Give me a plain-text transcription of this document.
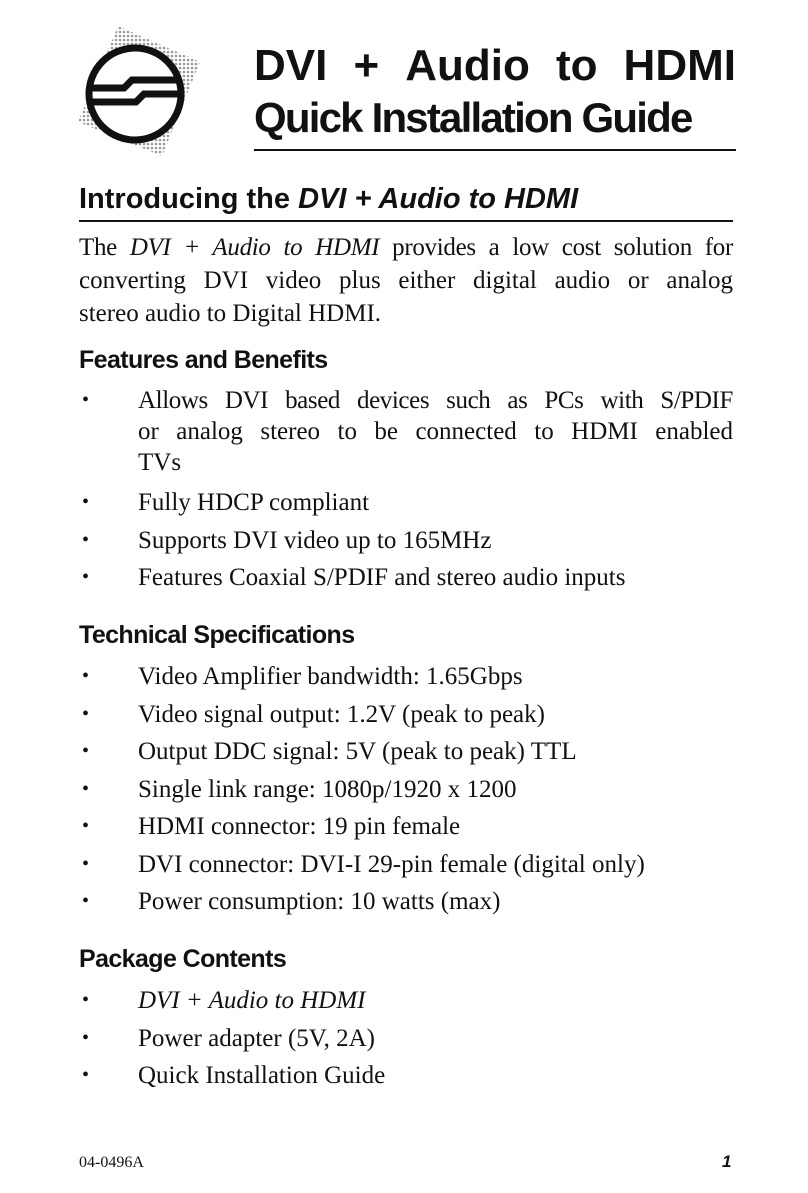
DVI + Audio to HDMI
Quick Installation Guide
Introducing the DVI + Audio to HDMI
The DVI + Audio to HDMI provides a low cost solution for
converting DVI video plus either digital audio or analog
stereo audio to Digital HDMI.
Features and Benefits
• Allows DVI based devices such as PCs with S/PDIF
or analog stereo to be connected to HDMI enabled
TVs
• Fully HDCP compliant
• Supports DVI video up to 165MHz
• Features Coaxial S/PDIF and stereo audio inputs
Technical Specifications
• Video Amplifier bandwidth: 1.65Gbps
• Video signal output: 1.2V (peak to peak)
• Output DDC signal: 5V (peak to peak) TTL
• Single link range: 1080p/1920 x 1200
• HDMI connector: 19 pin female
• DVI connector: DVI-I 29-pin female (digital only)
• Power consumption: 10 watts (max)
Package Contents
• DVI + Audio to HDMI
• Power adapter (5V, 2A)
• Quick Installation Guide
04-0496A	1
